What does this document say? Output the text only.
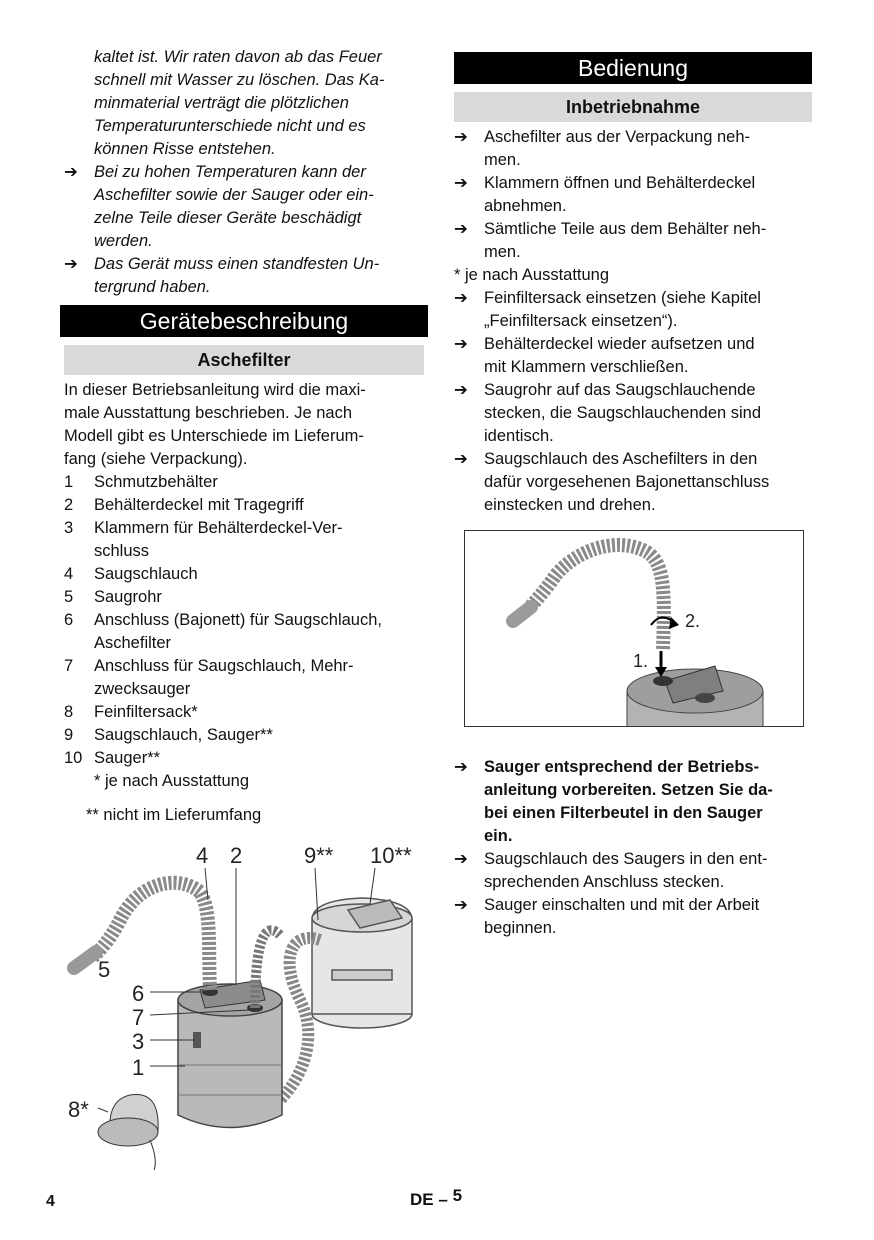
kaltet ist. Wir raten davon ab das Feuer
schnell mit Wasser zu löschen. Das Ka-
minmaterial verträgt die plötzlichen
Temperaturunterschiede nicht und es
können Risse entstehen.
➔ Bei zu hohen Temperaturen kann der
Aschefilter sowie der Sauger oder ein-
zelne Teile dieser Geräte beschädigt
werden.
➔ Das Gerät muss einen standfesten Un-
tergrund haben.
Gerätebeschreibung
Aschefilter
In dieser Betriebsanleitung wird die maxi-
male Ausstattung beschrieben. Je nach
Modell gibt es Unterschiede im Lieferum-
fang (siehe Verpackung).
1 Schmutzbehälter
2 Behälterdeckel mit Tragegriff
3 Klammern für Behälterdeckel-Ver-
schluss
4 Saugschlauch
5 Saugrohr
6 Anschluss (Bajonett) für Saugschlauch,
Aschefilter
7 Anschluss für Saugschlauch, Mehr-
zwecksauger
8 Feinfiltersack*
9 Saugschlauch, Sauger**
10 Sauger**
* je nach Ausstattung
** nicht im Lieferumfang
4 2	9** 10**
5
6
7
3
1
8*
Bedienung
Inbetriebnahme
➔ Aschefilter aus der Verpackung neh-
men.
➔ Klammern öffnen und Behälterdeckel
abnehmen.
➔ Sämtliche Teile aus dem Behälter neh-
men.
* je nach Ausstattung
➔ Feinfiltersack einsetzen (siehe Kapitel
„Feinfiltersack einsetzen“).
➔ Behälterdeckel wieder aufsetzen und
mit Klammern verschließen.
➔ Saugrohr auf das Saugschlauchende
stecken, die Saugschlauchenden sind
identisch.
➔ Saugschlauch des Aschefilters in den
dafür vorgesehenen Bajonettanschluss
einstecken und drehen.
➔ Sauger entsprechend der Betriebs-
anleitung vorbereiten. Setzen Sie da-
bei einen Filterbeutel in den Sauger
ein.
➔ Saugschlauch des Saugers in den ent-
sprechenden Anschluss stecken.
➔ Sauger einschalten und mit der Arbeit
beginnen.
2.
1.
4	DE – 5
